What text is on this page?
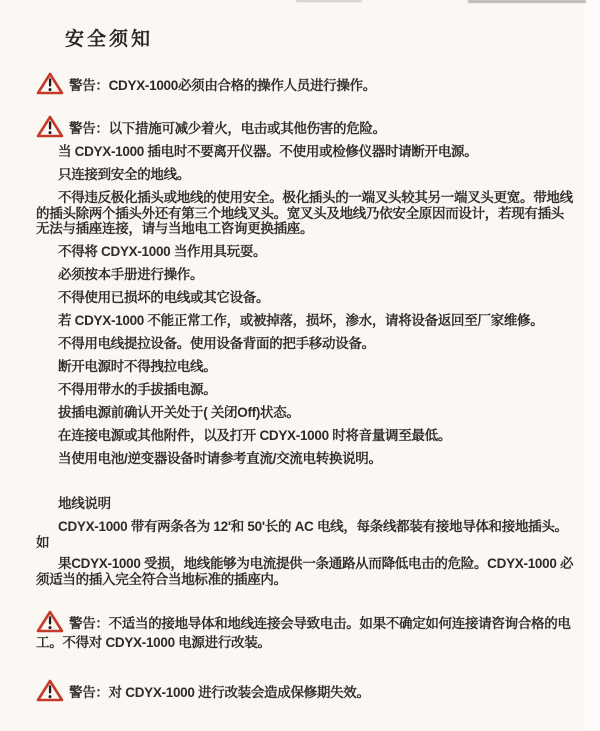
安全须知

警告：CDYX-1000必须由合格的操作人员进行操作。

警告：以下措施可减少着火，电击或其他伤害的危险。

当 CDYX-1000 插电时不要离开仪器。不使用或检修仪器时请断开电源。

只连接到安全的地线。

不得违反极化插头或地线的使用安全。极化插头的一端叉头较其另一端叉头更宽。带地线的插头除两个插头外还有第三个地线叉头。宽叉头及地线乃依安全原因而设计，若现有插头无法与插座连接，请与当地电工咨询更换插座。

不得将 CDYX-1000 当作用具玩耍。

必须按本手册进行操作。

不得使用已损坏的电线或其它设备。

若 CDYX-1000 不能正常工作，或被掉落，损坏，渗水，请将设备返回至厂家维修。

不得用电线提拉设备。使用设备背面的把手移动设备。

断开电源时不得拽拉电线。

不得用带水的手拔插电源。

拔插电源前确认开关处于( 关闭Off)状态。

在连接电源或其他附件，以及打开 CDYX-1000 时将音量调至最低。

当使用电池/逆变器设备时请参考直流/交流电转换说明。

地线说明

CDYX-1000 带有两条各为 12'和 50'长的 AC 电线，每条线都装有接地导体和接地插头。如

果CDYX-1000 受损，地线能够为电流提供一条通路从而降低电击的危险。CDYX-1000 必须适当的插入完全符合当地标准的插座内。

警告：不适当的接地导体和地线连接会导致电击。如果不确定如何连接请咨询合格的电工。不得对 CDYX-1000 电源进行改装。

警告：对 CDYX-1000 进行改装会造成保修期失效。
